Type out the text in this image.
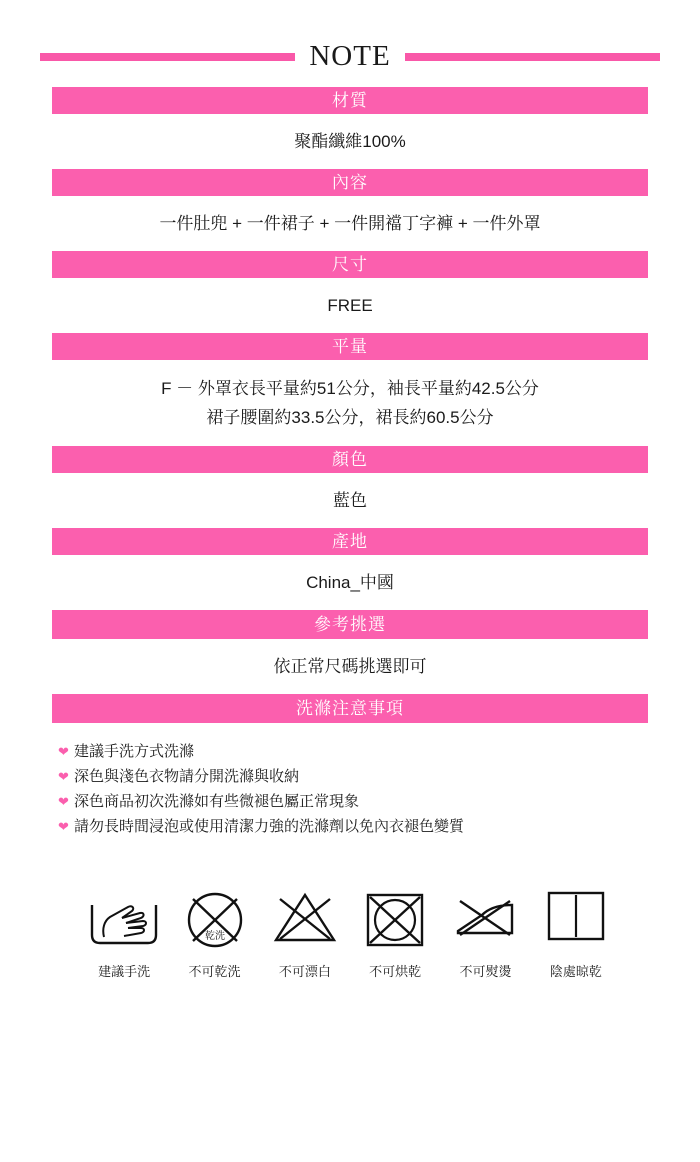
NOTE
材質
聚酯纖維100%
內容
一件肚兜 + 一件裙子 + 一件開襠丁字褲 + 一件外罩
尺寸
FREE
平量
F － 外罩衣長平量約51公分，袖長平量約42.5公分
裙子腰圍約33.5公分，裙長約60.5公分
顏色
藍色
產地
China_中國
參考挑選
依正常尺碼挑選即可
洗滌注意事項
❤ 建議手洗方式洗滌
❤ 深色與淺色衣物請分開洗滌與收納
❤ 深色商品初次洗滌如有些微褪色屬正常現象
❤ 請勿長時間浸泡或使用清潔力強的洗滌劑以免內衣褪色變質
建議手洗
乾洗
不可乾洗	不可漂白	不可烘乾	不可熨燙	陰處晾乾
